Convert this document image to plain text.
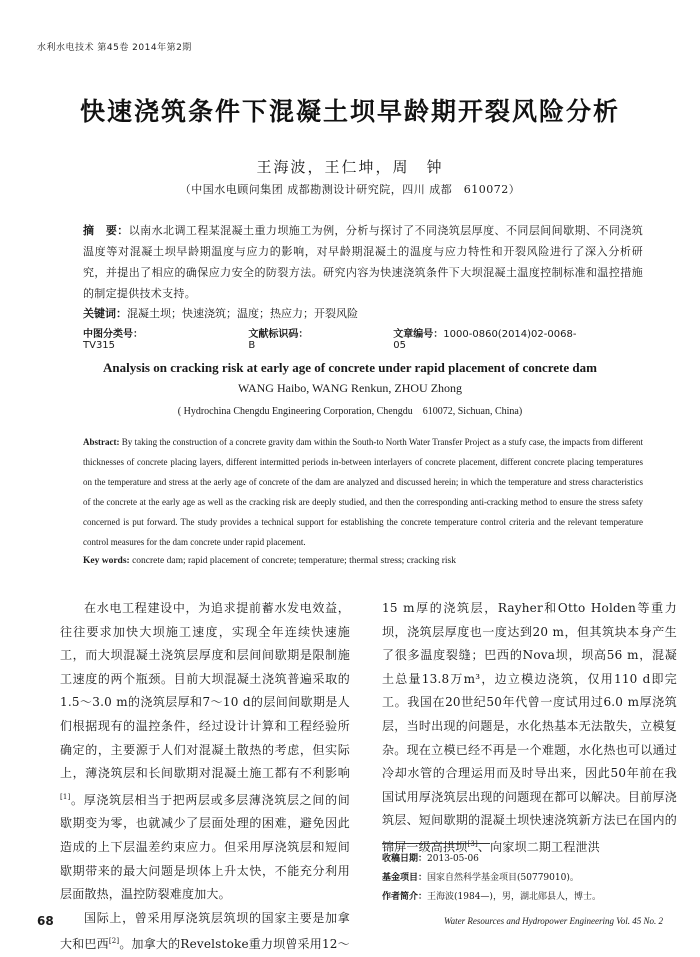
水利水电技术 第45卷 2014年第2期
快速浇筑条件下混凝土坝早龄期开裂风险分析
王海波，王仁坤，周　钟
（中国水电顾问集团 成都勘测设计研究院，四川 成都　610072）
摘　要：以南水北调工程某混凝土重力坝施工为例，分析与探讨了不同浇筑层厚度、不同层间间歇期、不同浇筑温度等对混凝土坝早龄期温度与应力的影响，对早龄期混凝土的温度与应力特性和开裂风险进行了深入分析研究，并提出了相应的确保应力安全的防裂方法。研究内容为快速浇筑条件下大坝混凝土温度控制标准和温控措施的制定提供技术支持。
关键词：混凝土坝；快速浇筑；温度；热应力；开裂风险
中图分类号：TV315
文献标识码：B
文章编号：1000-0860(2014)02-0068-05
Analysis on cracking risk at early age of concrete under rapid placement of concrete dam
WANG Haibo, WANG Renkun, ZHOU Zhong
( Hydrochina Chengdu Engineering Corporation, Chengdu　610072, Sichuan, China)
Abstract: By taking the construction of a concrete gravity dam within the South-to North Water Transfer Project as a stufy case, the impacts from different thicknesses of concrete placing layers, different intermitted periods in-between interlayers of concrete placement, different concrete placing temperatures on the temperature and stress at the aerly age of concrete of the dam are analyzed and discussed herein; in which the temperature and stress characteristics of the concrete at the early age as well as the cracking risk are deeply studied, and then the corresponding anti-cracking method to ensure the stress safety concerned is put forward. The study provides a technical support for establishing the concrete temperature control criteria and the relevant temperature control measures for the dam concrete under rapid placement.
Key words: concrete dam; rapid placement of concrete; temperature; thermal stress; cracking risk

在水电工程建设中，为追求提前蓄水发电效益，往往要求加快大坝施工速度，实现全年连续快速施工，而大坝混凝土浇筑层厚度和层间间歇期是限制施工速度的两个瓶颈。目前大坝混凝土浇筑普遍采取的1.5～3.0 m的浇筑层厚和7～10 d的层间间歇期是人们根据现有的温控条件，经过设计计算和工程经验所确定的，主要源于人们对混凝土散热的考虑，但实际上，薄浇筑层和长间歇期对混凝土施工都有不利影响[1]。厚浇筑层相当于把两层或多层薄浇筑层之间的间歇期变为零，也就减少了层面处理的困难，避免因此造成的上下层温差约束应力。但采用厚浇筑层和短间歇期带来的最大问题是坝体上升太快，不能充分利用层面散热，温控防裂难度加大。

国际上，曾采用厚浇筑层筑坝的国家主要是加拿大和巴西[2]。加拿大的Revelstoke重力坝曾采用12～

15 m厚的浇筑层，Rayher和Otto Holden等重力坝，浇筑层厚度也一度达到20 m，但其筑块本身产生了很多温度裂缝；巴西的Nova坝，坝高56 m，混凝土总量13.8万m³，边立模边浇筑，仅用110 d即完工。我国在20世纪50年代曾一度试用过6.0 m厚浇筑层，当时出现的问题是，水化热基本无法散失，立模复杂。现在立模已经不再是一个难题，水化热也可以通过冷却水管的合理运用而及时导出来，因此50年前在我国试用厚浇筑层出现的问题现在都可以解决。目前厚浇筑层、短间歇期的混凝土坝快速浇筑新方法已在国内的锦屏一级高拱坝[3]、向家坝二期工程泄洪

收稿日期：2013-05-06
基金项目：国家自然科学基金项目(50779010)。
作者简介：王海波(1984—)，男，湖北郧县人，博士。
68	Water Resources and Hydropower Engineering Vol. 45 No. 2
